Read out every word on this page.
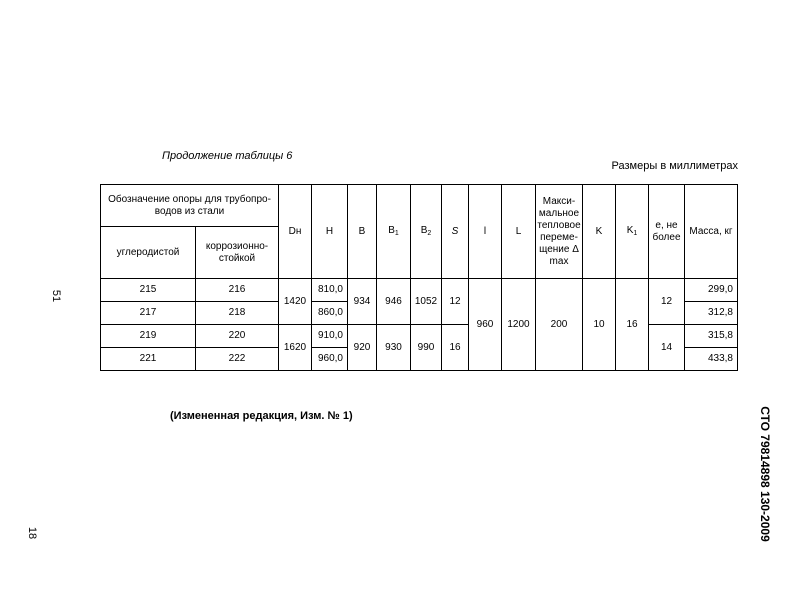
Продолжение таблицы 6
Размеры в миллиметрах
Обозначение опоры для трубопро-водов из стали		Dн	H	B	$B_1$	$B_2$	S	l	L	Макси-мальное тепловое переме-щение Δ max	K	$K_1$	е, не более	Масса, кг
углеродистой	коррозионно-стойкой													
215	216	1420	810,0	934	946	1052	12	960	1200	200	10	16	12	299,0
217	218		860,0											312,8
219	220	1620	910,0	920	930	990	16						14	315,8
221	222		960,0											433,8
(Измененная редакция, Изм. № 1)
51
18	СТО 79814898 130-2009
